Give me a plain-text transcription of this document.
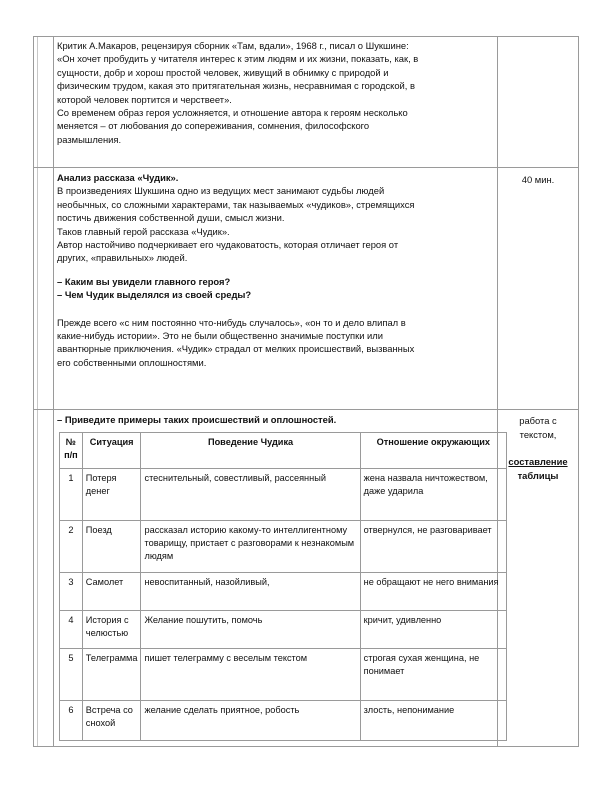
Критик А.Макаров, рецензируя сборник «Там, вдали», 1968 г., писал о Шукшине:

«Он хочет пробудить у читателя интерес к этим людям и их жизни, показать, как, в

сущности, добр и хорош простой человек, живущий в обнимку с природой и

физическим трудом, какая это притягательная жизнь, несравнимая с городской, в

которой человек портится и черствеет».

Со временем образ героя усложняется, и отношение автора к героям несколько

меняется – от любования до сопереживания, сомнения, философского

размышления.

Анализ рассказа «Чудик».

В произведениях Шукшина одно из ведущих мест занимают судьбы людей

необычных, со сложными характерами, так называемых «чудиков», стремящихся

постичь движения собственной души, смысл жизни.

Таков главный герой рассказа «Чудик».

Автор настойчиво подчеркивает его чудаковатость, которая отличает героя от

других, «правильных» людей.

– Каким вы увидели главного героя?

– Чем Чудик выделялся из своей среды?

Прежде всего «с ним постоянно что-нибудь случалось», «он то и дело влипал в

какие-нибудь истории». Это не были общественно значимые поступки или

авантюрные приключения. «Чудик» страдал от мелких происшествий, вызванных

его собственными оплошностями.

40 мин.
– Приведите примеры таких происшествий и оплошностей.	работа с
текстом,
составление
таблицы
№ п/п	Ситуация	Поведение Чудика	Отношение окружающих
1	Потеря денег	стеснительный, совестливый, рассеянный	жена назвала ничтожеством, даже ударила
2	Поезд	рассказал историю какому-то интеллигентному товарищу, пристает с разговорами к незнакомым людям	отвернулся, не разговаривает
3	Самолет	невоспитанный, назойливый,	не обращают не него внимания
4	История с челюстью	Желание пошутить, помочь	кричит, удивленно
5	Телеграмма	пишет телеграмму с веселым текстом	строгая сухая женщина, не понимает
6	Встреча со снохой	желание сделать приятное, робость	злость, непонимание
